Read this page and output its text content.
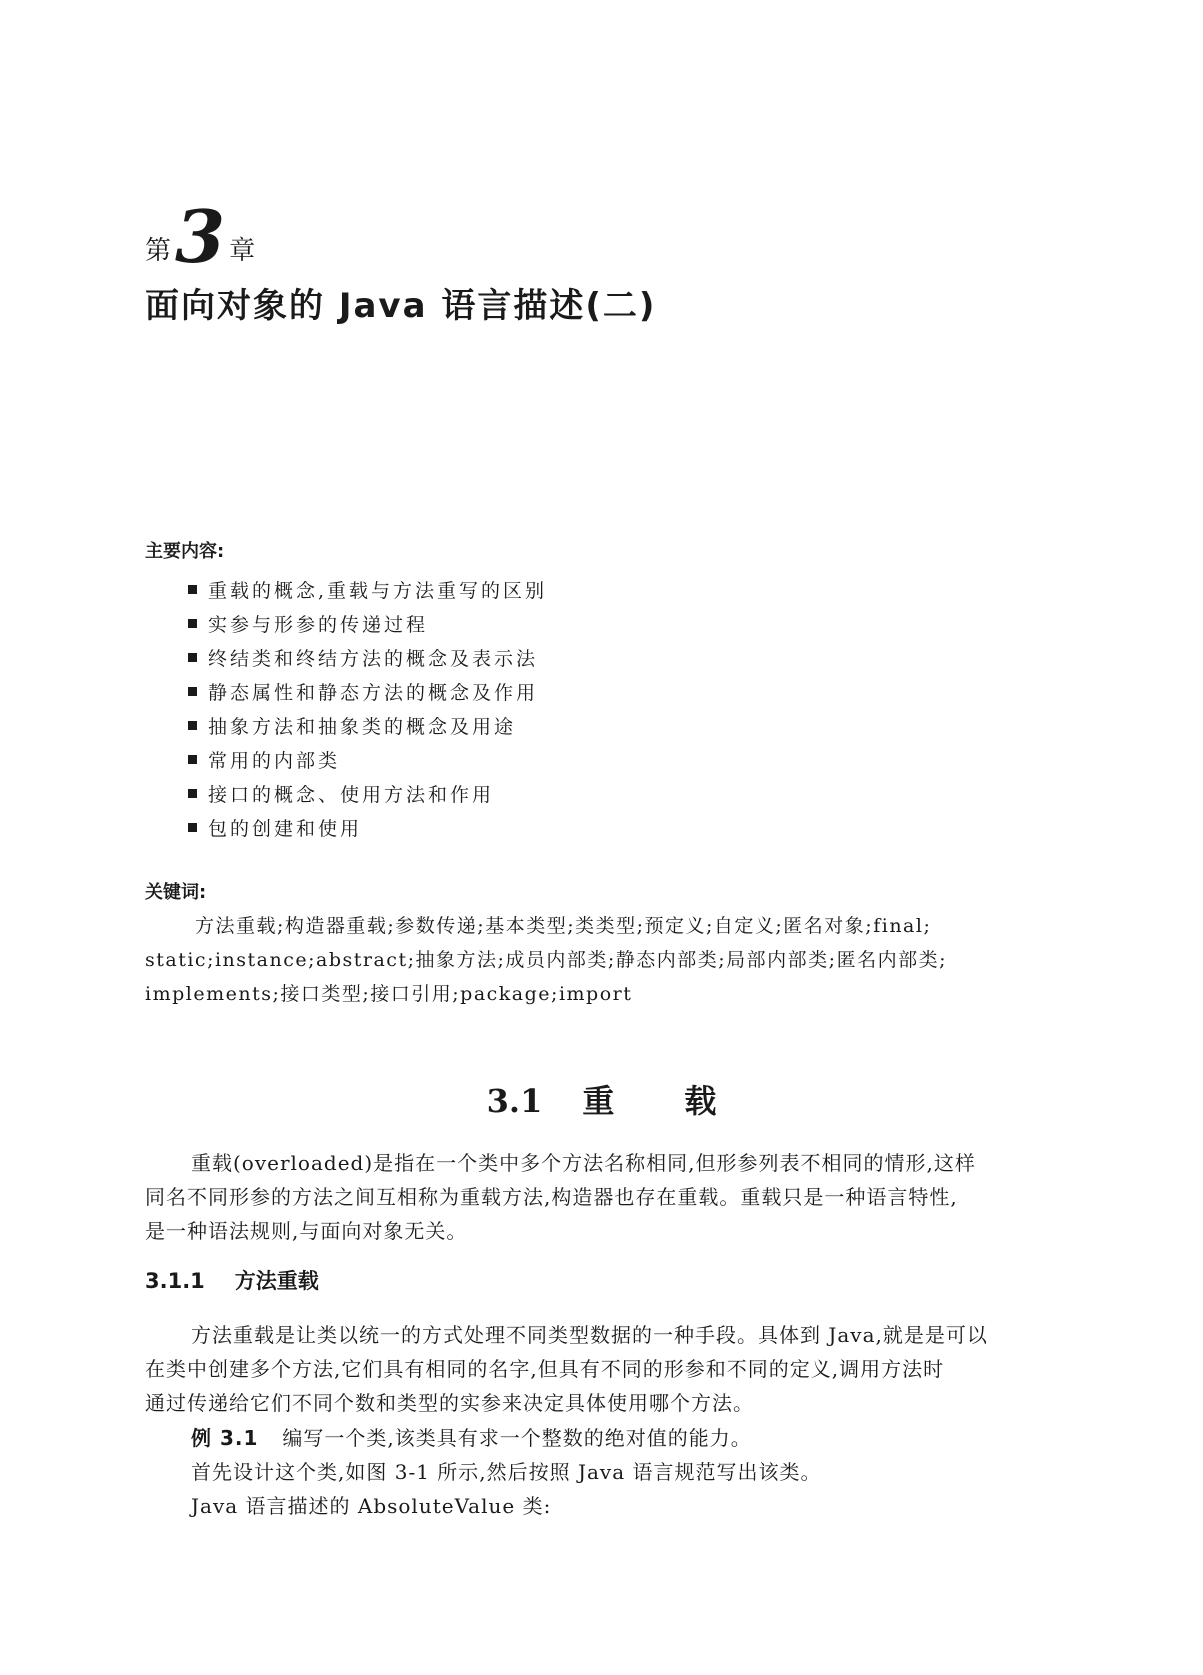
第 3 章
面向对象的 Java 语言描述(二)
主要内容:
重载的概念,重载与方法重写的区别
实参与形参的传递过程
终结类和终结方法的概念及表示法
静态属性和静态方法的概念及作用
抽象方法和抽象类的概念及用途
常用的内部类
接口的概念、使用方法和作用
包的创建和使用
关键词:
方法重载;构造器重载;参数传递;基本类型;类类型;预定义;自定义;匿名对象;final;
static;instance;abstract;抽象方法;成员内部类;静态内部类;局部内部类;匿名内部类;
implements;接口类型;接口引用;package;import
3.1 重载
重载(overloaded)是指在一个类中多个方法名称相同,但形参列表不相同的情形,这样
同名不同形参的方法之间互相称为重载方法,构造器也存在重载。重载只是一种语言特性,
是一种语法规则,与面向对象无关。
3.1.1 方法重载
方法重载是让类以统一的方式处理不同类型数据的一种手段。具体到 Java,就是是可以
在类中创建多个方法,它们具有相同的名字,但具有不同的形参和不同的定义,调用方法时
通过传递给它们不同个数和类型的实参来决定具体使用哪个方法。
例 3.1 编写一个类,该类具有求一个整数的绝对值的能力。
首先设计这个类,如图 3-1 所示,然后按照 Java 语言规范写出该类。
Java 语言描述的 AbsoluteValue 类:
